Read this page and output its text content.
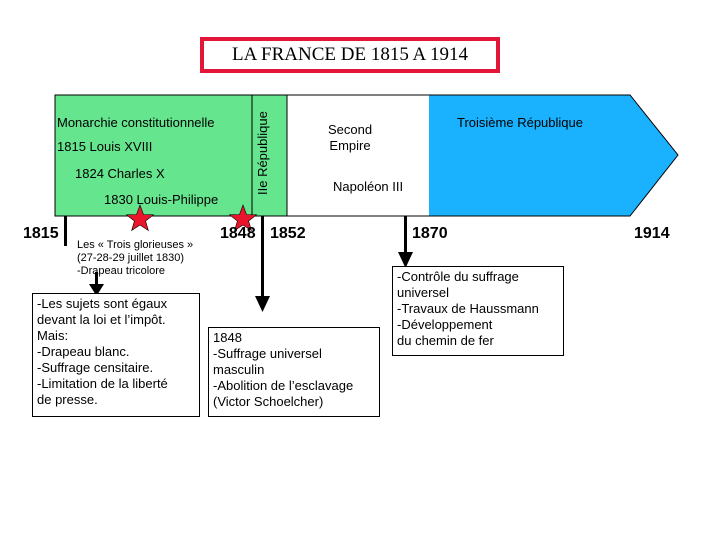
LA FRANCE DE 1815 A 1914
Monarchie constitutionnelle
1815 Louis XVIII
1824 Charles X
1830 Louis-Philippe
IIe République	Second
Empire
Napoléon III
Troisième République
1815	1848 1852	1870	1914
Les « Trois glorieuses »
(27-28-29 juillet 1830)
-Drapeau tricolore
-Les sujets sont égaux
devant la loi et l’impôt.
Mais:
-Drapeau blanc.
-Suffrage censitaire.
-Limitation de la liberté
de presse.
1848
-Suffrage universel
masculin
-Abolition de l’esclavage
(Victor Schoelcher)
-Contrôle du suffrage
universel
-Travaux de Haussmann
-Développement
du chemin de fer
